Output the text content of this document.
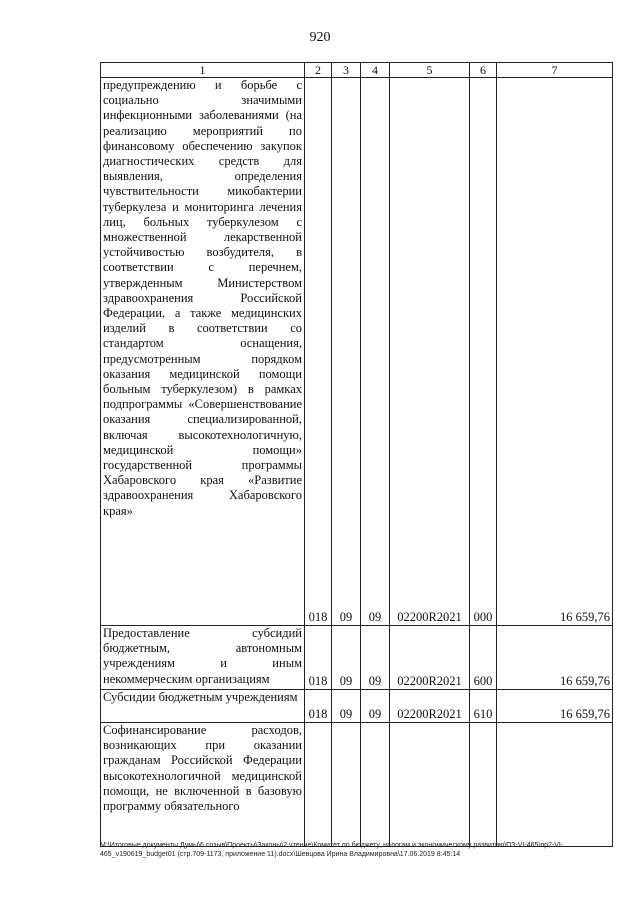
920
1	2	3	4	5	6	7
предупреждению и борьбе с социально значимыми инфекционными заболеваниями (на реализацию мероприятий по финансовому обеспечению закупок диагностических средств для выявления, определения чувствительности микобактерии туберкулеза и мониторинга лечения лиц, больных туберкулезом с множественной лекарственной устойчивостью возбудителя, в соответствии с перечнем, утвержденным Министерством здравоохранения Российской Федерации, а также медицинских изделий в соответствии со стандартом оснащения, предусмотренным порядком оказания медицинской помощи больным туберкулезом) в рамках подпрограммы «Совершенствование оказания специализированной, включая высокотехнологичную, медицинской помощи» государственной программы Хабаровского края «Развитие здравоохранения Хабаровского края»	018	09	09	02200R2021	000	16 659,76
Предоставление субсидий бюджетным, автономным учреждениям и иным некоммерческим организациям	018	09	09	02200R2021	600	16 659,76
Субсидии бюджетным учреждениям	018	09	09	02200R2021	610	16 659,76
Софинансирование расходов, возникающих при оказании гражданам Российской Федерации высокотехнологичной медицинской помощи, не включенной в базовую программу обязательного						
M:\Итоговые документы Думы\6 созыв\Проекты\Законы\2 чтение\Комитет по бюджету, налогам и экономическому развитию\ПЗ-VI-465\пр2-VI-465_v190619_budget01 (стр.709-1173, приложение 11).docx\Шевцова Ирина Владимировна\17.06.2019 8:45:14
